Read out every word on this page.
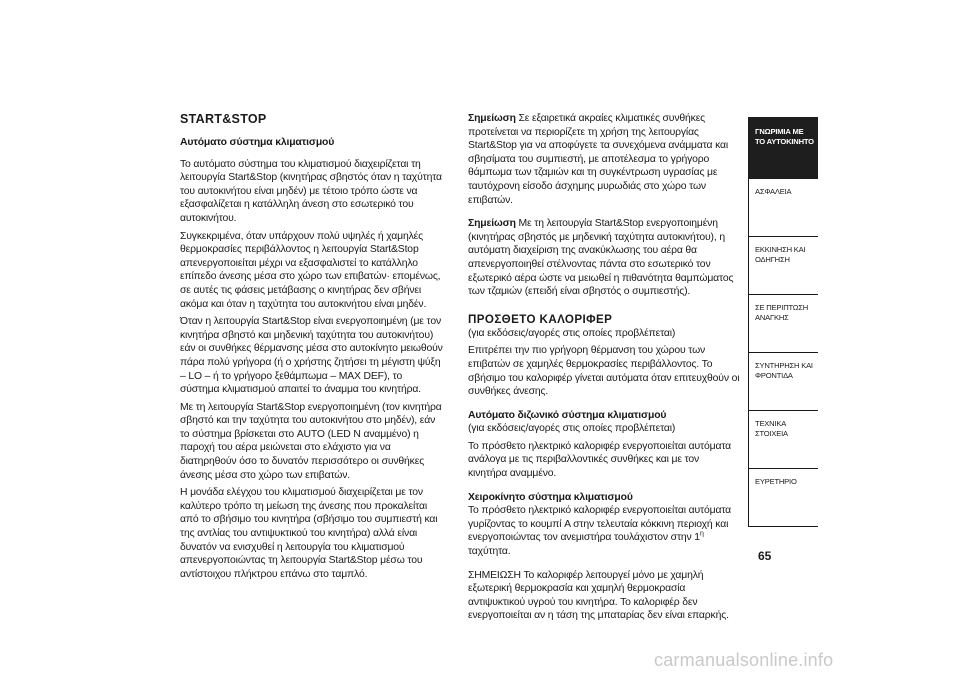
START&STOP
Αυτόματο σύστημα κλιματισμού

Το αυτόματο σύστημα του κλιματισμού διαχειρίζεται τη λειτουργία Start&Stop (κινητήρας σβηστός όταν η ταχύτητα του αυτοκινήτου είναι μηδέν) με τέτοιο τρόπο ώστε να εξασφαλίζεται η κατάλληλη άνεση στο εσωτερικό του αυτοκινήτου.

Συγκεκριμένα, όταν υπάρχουν πολύ υψηλές ή χαμηλές θερμοκρασίες περιβάλλοντος η λειτουργία Start&Stop απενεργοποιείται μέχρι να εξασφαλιστεί το κατάλληλο επίπεδο άνεσης μέσα στο χώρο των επιβατών· επομένως, σε αυτές τις φάσεις μετάβασης ο κινητήρας δεν σβήνει ακόμα και όταν η ταχύτητα του αυτοκινήτου είναι μηδέν.

Όταν η λειτουργία Start&Stop είναι ενεργοποιημένη (με τον κινητήρα σβηστό και μηδενική ταχύτητα του αυτοκινήτου) εάν οι συνθήκες θέρμανσης μέσα στο αυτοκίνητο μειωθούν πάρα πολύ γρήγορα (ή ο χρήστης ζητήσει τη μέγιστη ψύξη – LO – ή το γρήγορο ξεθάμπωμα – MAX DEF), το σύστημα κλιματισμού απαιτεί το άναμμα του κινητήρα.

Με τη λειτουργία Start&Stop ενεργοποιημένη (τον κινητήρα σβηστό και την ταχύτητα του αυτοκινήτου στο μηδέν), εάν το σύστημα βρίσκεται στο AUTO (LED N αναμμένο) η παροχή του αέρα μειώνεται στο ελάχιστο για να διατηρηθούν όσο το δυνατόν περισσότερο οι συνθήκες άνεσης μέσα στο χώρο των επιβατών.

Η μονάδα ελέγχου του κλιματισμού διαχειρίζεται με τον καλύτερο τρόπο τη μείωση της άνεσης που προκαλείται από το σβήσιμο του κινητήρα (σβήσιμο του συμπιεστή και της αντλίας του αντιψυκτικού του κινητήρα) αλλά είναι δυνατόν να ενισχυθεί η λειτουργία του κλιματισμού απενεργοποιώντας τη λειτουργία Start&Stop μέσω του αντίστοιχου πλήκτρου επάνω στο ταμπλό.

Σημείωση Σε εξαιρετικά ακραίες κλιματικές συνθήκες προτείνεται να περιορίζετε τη χρήση της λειτουργίας Start&Stop για να αποφύγετε τα συνεχόμενα ανάμματα και σβησίματα του συμπιεστή, με αποτέλεσμα το γρήγορο θάμπωμα των τζαμιών και τη συγκέντρωση υγρασίας με ταυτόχρονη είσοδο άσχημης μυρωδιάς στο χώρο των επιβατών.

Σημείωση Με τη λειτουργία Start&Stop ενεργοποιημένη (κινητήρας σβηστός με μηδενική ταχύτητα αυτοκινήτου), η αυτόματη διαχείριση της ανακύκλωσης του αέρα θα απενεργοποιηθεί στέλνοντας πάντα στο εσωτερικό τον εξωτερικό αέρα ώστε να μειωθεί η πιθανότητα θαμπώματος των τζαμιών (επειδή είναι σβηστός ο συμπιεστής).

ΠΡΟΣΘΕΤΟ ΚΑΛΟΡΙΦΕΡ

(για εκδόσεις/αγορές στις οποίες προβλέπεται)

Επιτρέπει την πιο γρήγορη θέρμανση του χώρου των επιβατών σε χαμηλές θερμοκρασίες περιβάλλοντος. Το σβήσιμο του καλοριφέρ γίνεται αυτόματα όταν επιτευχθούν οι συνθήκες άνεσης.

Αυτόματο διζωνικό σύστημα κλιματισμού

(για εκδόσεις/αγορές στις οποίες προβλέπεται)

Το πρόσθετο ηλεκτρικό καλοριφέρ ενεργοποιείται αυτόματα ανάλογα με τις περιβαλλοντικές συνθήκες και με τον κινητήρα αναμμένο.

Χειροκίνητο σύστημα κλιματισμού

Το πρόσθετο ηλεκτρικό καλοριφέρ ενεργοποιείται αυτόματα γυρίζοντας το κουμπί A στην τελευταία κόκκινη περιοχή και ενεργοποιώντας τον ανεμιστήρα τουλάχιστον στην $1^\eta$ ταχύτητα.

ΣΗΜΕΙΩΣΗ Το καλοριφέρ λειτουργεί μόνο με χαμηλή εξωτερική θερμοκρασία και χαμηλή θερμοκρασία αντιψυκτικού υγρού του κινητήρα. Το καλοριφέρ δεν ενεργοποιείται αν η τάση της μπαταρίας δεν είναι επαρκής.

ΓΝΩΡΙΜΙΑ ΜΕ ΤΟ ΑΥΤΟΚΙΝΗΤΟ
ΑΣΦΑΛΕΙΑ
ΕΚΚΙΝΗΣΗ ΚΑΙ ΟΔΗΓΗΣΗ
ΣΕ ΠΕΡΙΠΤΩΣΗ ΑΝΑΓΚΗΣ
ΣΥΝΤΗΡΗΣΗ ΚΑΙ ΦΡΟΝΤΙΔΑ
ΤΕΧΝΙΚΑ ΣΤΟΙΧΕΙΑ
ΕΥΡΕΤΗΡΙΟ
65
carmanualsonline.info
